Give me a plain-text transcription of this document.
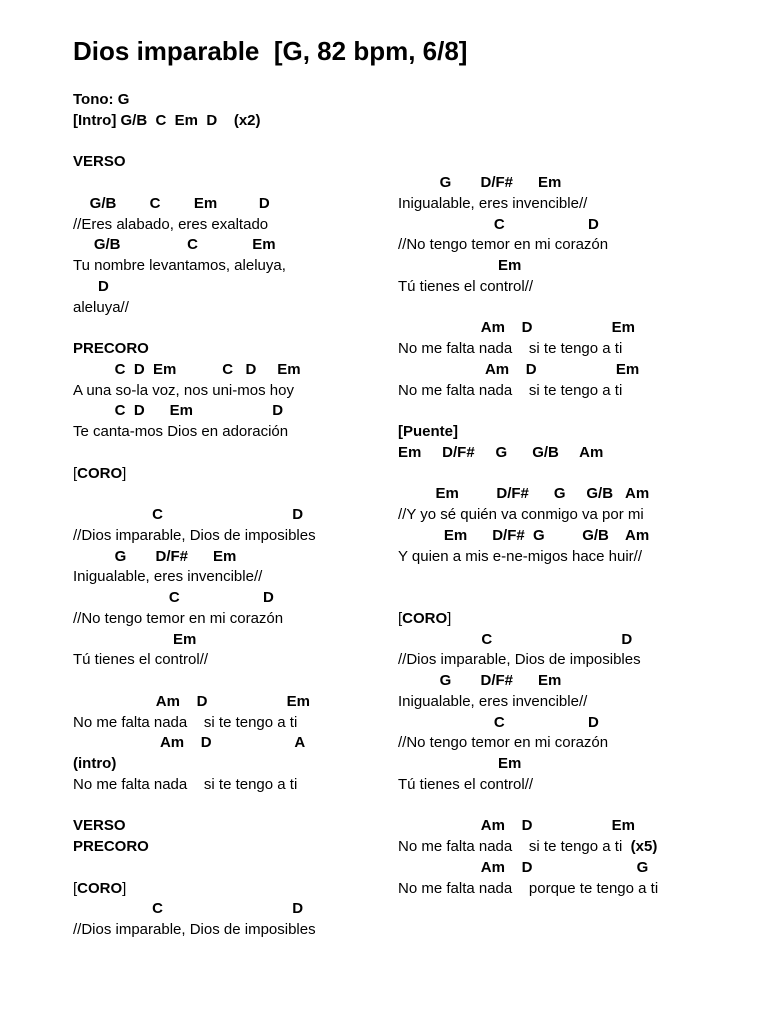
Dios imparable  [G, 82 bpm, 6/8]
Tono: G
[Intro] G/B  C  Em  D    (x2)
VERSO
G/B        C        Em          D
//Eres alabado, eres exaltado
G/B                C             Em
Tu nombre levantamos, aleluya,
D
aleluya//
PRECORO
C  D  Em           C   D     Em
A una so-la voz, nos uni-mos hoy
C  D      Em                   D
Te canta-mos Dios en adoración
[CORO]
C                               D
//Dios imparable, Dios de imposibles
G       D/F#      Em
Inigualable, eres invencible//
C                    D
//No tengo temor en mi corazón
Em
Tú tienes el control//
Am    D                   Em
No me falta nada    si te tengo a ti
Am    D                    A
(intro)
No me falta nada    si te tengo a ti
VERSO
PRECORO
[CORO]
C                               D
//Dios imparable, Dios de imposibles
G       D/F#      Em
Inigualable, eres invencible//
C                    D
//No tengo temor en mi corazón
Em
Tú tienes el control//
Am    D                   Em
No me falta nada    si te tengo a ti
Am    D                   Em
No me falta nada    si te tengo a ti
[Puente]
Em     D/F#     G      G/B     Am
Em         D/F#      G     G/B   Am
//Y yo sé quién va conmigo va por mi
Em      D/F#  G         G/B    Am
Y quien a mis e-ne-migos hace huir//
[CORO]
C                               D
//Dios imparable, Dios de imposibles
G       D/F#      Em
Inigualable, eres invencible//
C                    D
//No tengo temor en mi corazón
Em
Tú tienes el control//
Am    D                   Em
No me falta nada    si te tengo a ti  (x5)
Am    D                         G
No me falta nada    porque te tengo a ti
